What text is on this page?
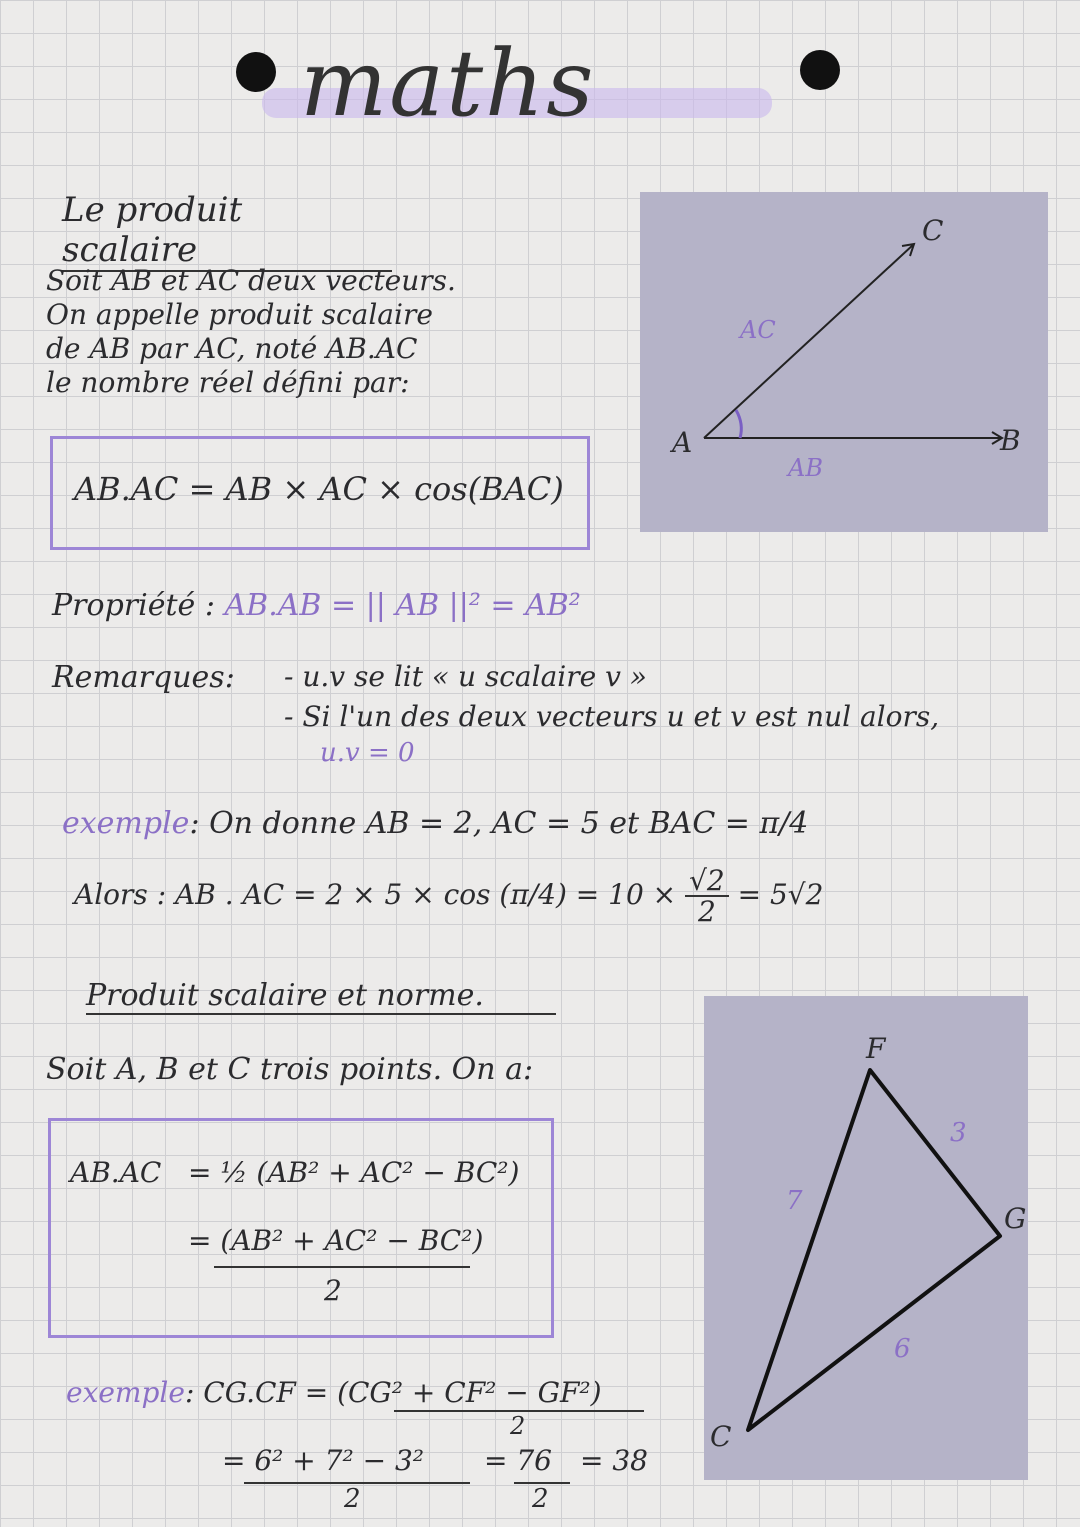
maths
Le produit scalaire
Soit AB et AC deux vecteurs.
On appelle produit scalaire
de AB par AC, noté AB.AC
le nombre réel défini par:
AB.AC = AB × AC × cos(BAC)
A	B
C
AB
AC
Propriété : AB.AB = || AB ||² = AB²
Remarques: - u.v se lit « u scalaire v »
- Si l'un des deux vecteurs u et v est nul alors,
u.v = 0
exemple: On donne AB = 2, AC = 5 et BAC = π/4
Alors : AB . AC = $2 \times 5 \times \cos (\pi/4) = 10 \times \frac{√2}{2} = 5√2$
Produit scalaire et norme.
Soit A, B et C trois points. On a:
AB.AC = ½ (AB² + AC² − BC²)
= (AB² + AC² − BC²)
2
F
G
C
7
3
6
exemple: CG.CF = (CG² + CF² − GF²)
2
= 6² + 7² − 3²
2
= 76
2
= 38
